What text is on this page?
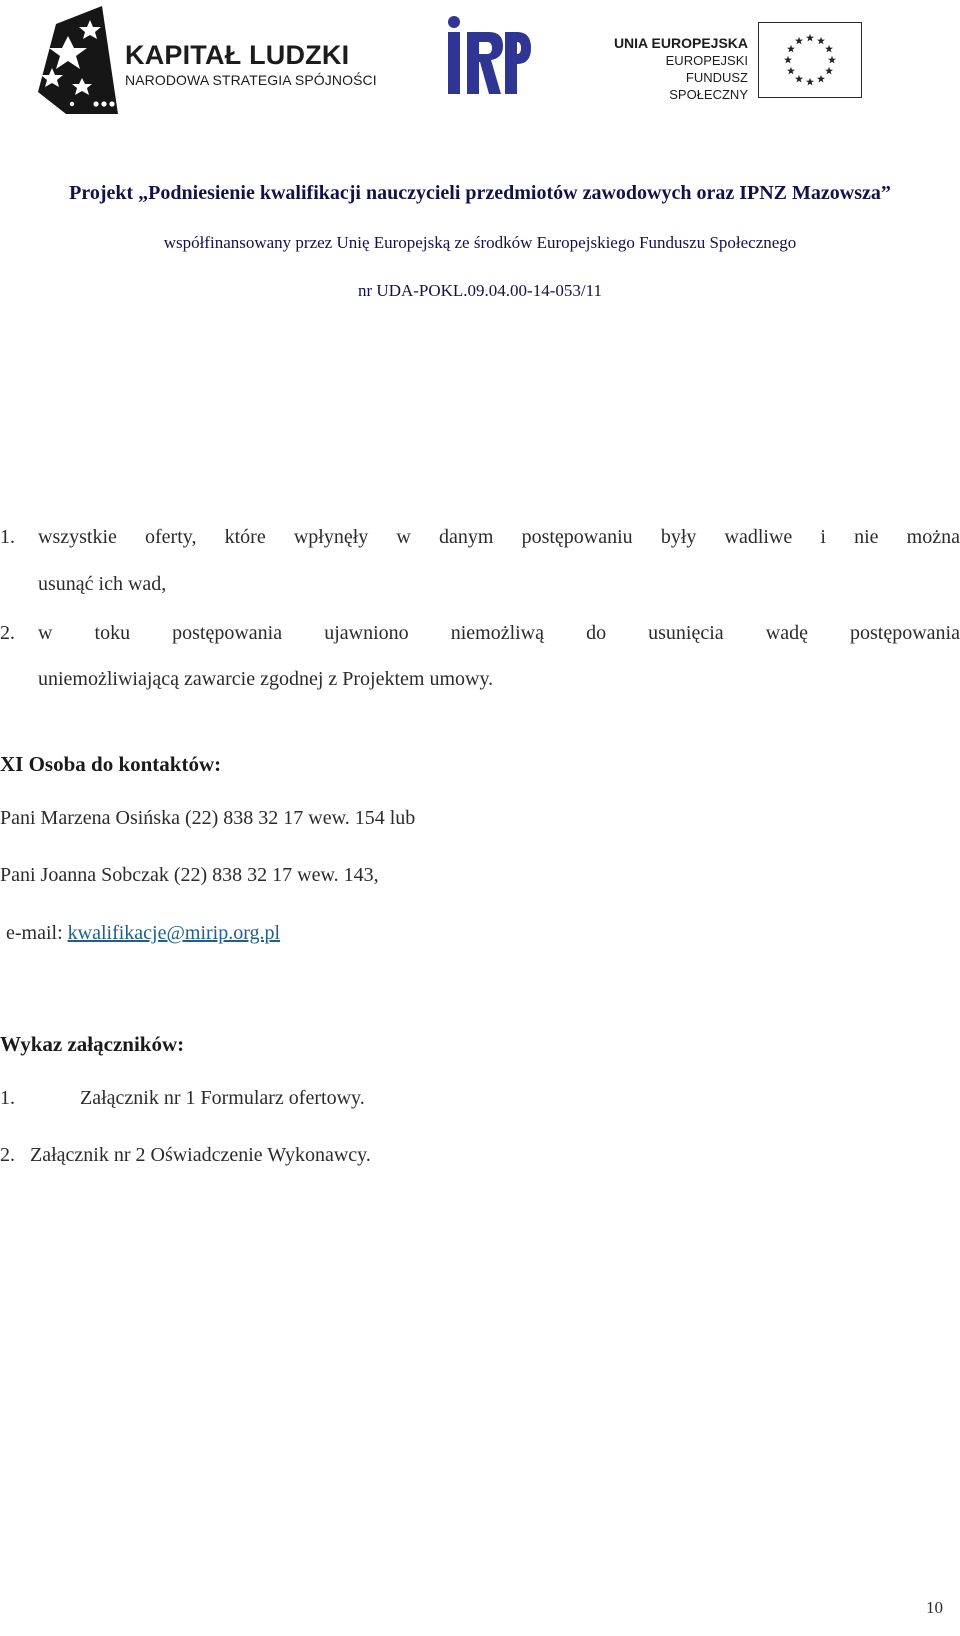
KAPITAŁ LUDZKI
NARODOWA STRATEGIA SPÓJNOŚCI
UNIA EUROPEJSKA
EUROPEJSKI
FUNDUSZ SPOŁECZNY
Projekt „Podniesienie kwalifikacji nauczycieli przedmiotów zawodowych oraz IPNZ Mazowsza”
współfinansowany przez Unię Europejską ze środków Europejskiego Funduszu Społecznego
nr UDA-POKL.09.04.00-14-053/11
1. wszystkie oferty, które wpłynęły w danym postępowaniu były wadliwe i nie można
usunąć ich wad,
2. w toku postępowania ujawniono niemożliwą do usunięcia wadę postępowania
uniemożliwiającą zawarcie zgodnej z Projektem umowy.
XI Osoba do kontaktów:
Pani Marzena Osińska (22) 838 32 17 wew. 154 lub
Pani Joanna Sobczak (22) 838 32 17 wew. 143,
e-mail: kwalifikacje@mirip.org.pl
Wykaz załączników:
1.	Załącznik nr 1 Formularz ofertowy.
2. Załącznik nr 2 Oświadczenie Wykonawcy.
10
